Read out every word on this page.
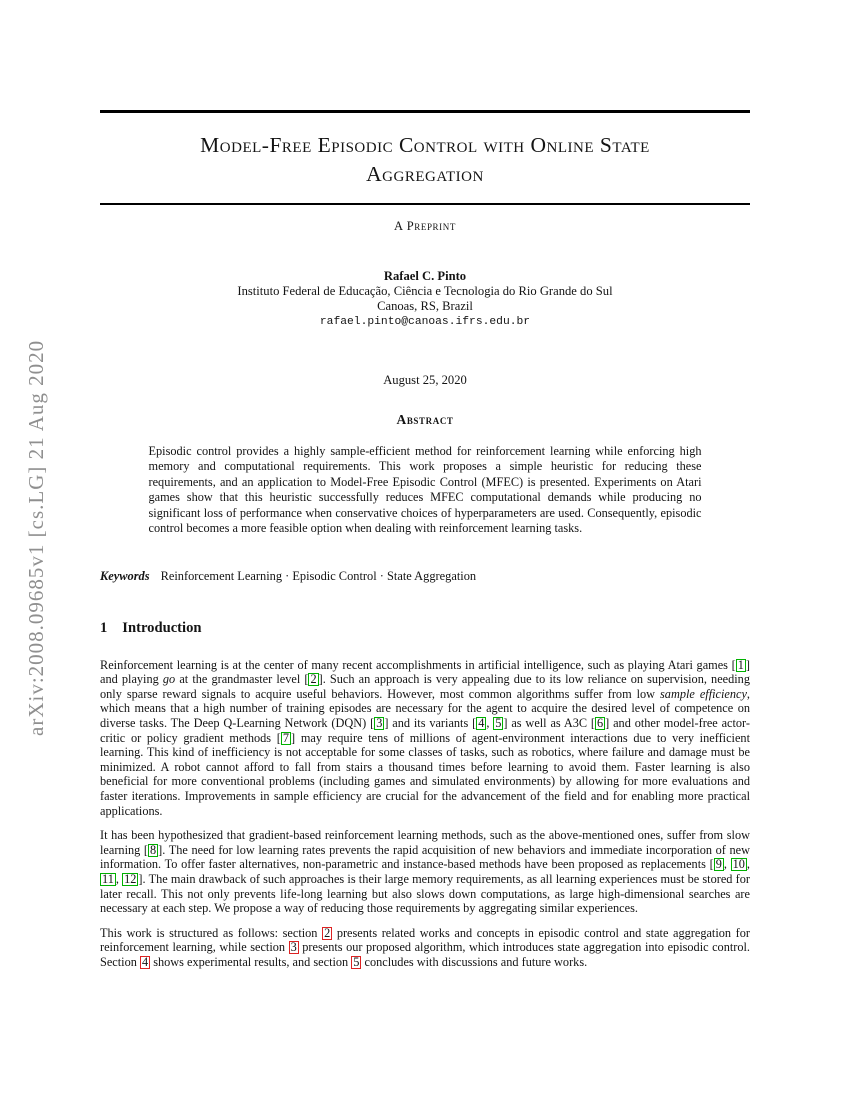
arXiv:2008.09685v1 [cs.LG] 21 Aug 2020
Model-Free Episodic Control with Online State
Aggregation
A Preprint
Rafael C. Pinto
Instituto Federal de Educação, Ciência e Tecnologia do Rio Grande do Sul
Canoas, RS, Brazil
rafael.pinto@canoas.ifrs.edu.br
August 25, 2020
Abstract

Episodic control provides a highly sample-efficient method for reinforcement learning while enforcing high memory and computational requirements. This work proposes a simple heuristic for reducing these requirements, and an application to Model-Free Episodic Control (MFEC) is presented. Experiments on Atari games show that this heuristic successfully reduces MFEC computational demands while producing no significant loss of performance when conservative choices of hyperparameters are used. Consequently, episodic control becomes a more feasible option when dealing with reinforcement learning tasks.

Keywords Reinforcement Learning · Episodic Control · State Aggregation
1 Introduction

Reinforcement learning is at the center of many recent accomplishments in artificial intelligence, such as playing Atari games [ 1 ] and playing go at the grandmaster level [ 2 ]. Such an approach is very appealing due to its low reliance on supervision, needing only sparse reward signals to acquire useful behaviors. However, most common algorithms suffer from low sample efficiency, which means that a high number of training episodes are necessary for the agent to acquire the desired level of competence on diverse tasks. The Deep Q-Learning Network (DQN) [ 3 ] and its variants [ 4 , 5 ] as well as A3C [ 6 ] and other model-free actor-critic or policy gradient methods [ 7 ] may require tens of millions of agent-environment interactions due to very inefficient learning. This kind of inefficiency is not acceptable for some classes of tasks, such as robotics, where failure and damage must be minimized. A robot cannot afford to fall from stairs a thousand times before learning to avoid them. Faster learning is also beneficial for more conventional problems (including games and simulated environments) by allowing for more evaluations and faster iterations. Improvements in sample efficiency are crucial for the advancement of the field and for enabling more practical applications.

It has been hypothesized that gradient-based reinforcement learning methods, such as the above-mentioned ones, suffer from slow learning [ 8 ]. The need for low learning rates prevents the rapid acquisition of new behaviors and immediate incorporation of new information. To offer faster alternatives, non-parametric and instance-based methods have been proposed as replacements [ 9 , 10 , 11 , 12 ]. The main drawback of such approaches is their large memory requirements, as all learning experiences must be stored for later recall. This not only prevents life-long learning but also slows down computations, as large high-dimensional searches are necessary at each step. We propose a way of reducing those requirements by aggregating similar experiences.

This work is structured as follows: section 2 presents related works and concepts in episodic control and state aggregation for reinforcement learning, while section 3 presents our proposed algorithm, which introduces state aggregation into episodic control. Section 4 shows experimental results, and section 5 concludes with discussions and future works.
